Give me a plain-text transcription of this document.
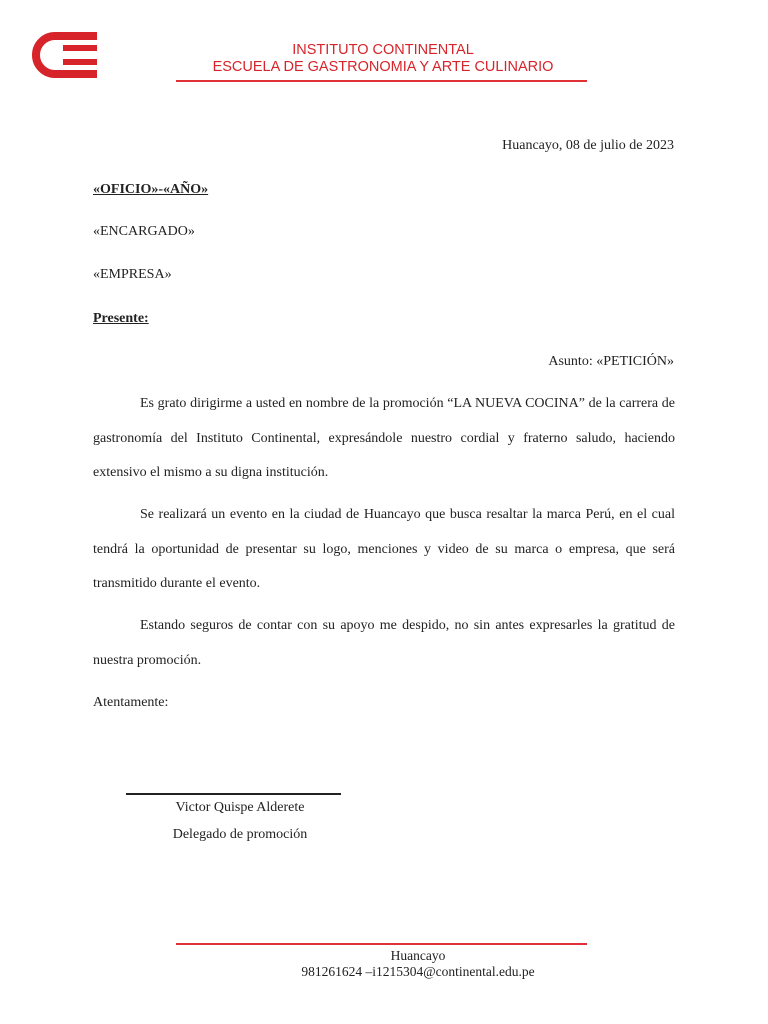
INSTITUTO CONTINENTAL
ESCUELA DE GASTRONOMIA Y ARTE CULINARIO
Huancayo, 08 de julio de 2023
«OFICIO»-«AÑO»
«ENCARGADO»
«EMPRESA»
Presente:
Asunto: «PETICIÓN»

Es grato dirigirme a usted en nombre de la promoción “LA NUEVA COCINA” de la carrera de gastronomía del Instituto Continental, expresándole nuestro cordial y fraterno saludo, haciendo extensivo el mismo a su digna institución.

Se realizará un evento en la ciudad de Huancayo que busca resaltar la marca Perú, en el cual tendrá la oportunidad de presentar su logo, menciones y video de su marca o empresa, que será transmitido durante el evento.

Estando seguros de contar con su apoyo me despido, no sin antes expresarles la gratitud de nuestra promoción.

Atentamente:
Victor Quispe Alderete
Delegado de promoción
Huancayo
981261624 –i1215304@continental.edu.pe
